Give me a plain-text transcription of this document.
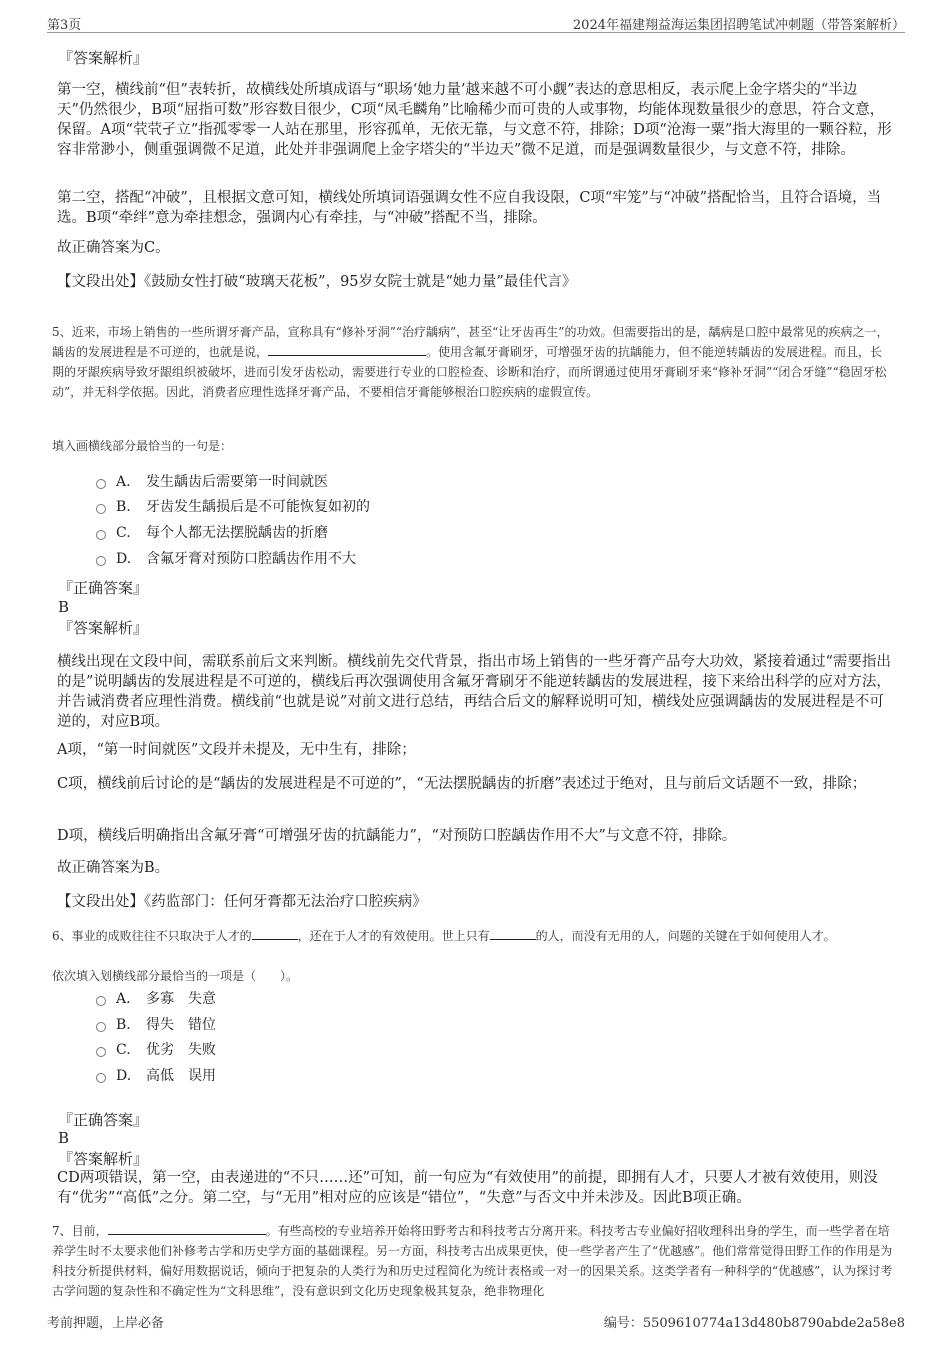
第3页	2024年福建翔益海运集团招聘笔试冲刺题（带答案解析）
『答案解析』
第一空，横线前“但”表转折，故横线处所填成语与“职场‘她力量’越来越不可小觑”表达的意思相反，表示爬上金字塔尖的“半边天”仍然很少，B项“屈指可数”形容数目很少，C项“凤毛麟角”比喻稀少而可贵的人或事物，均能体现数量很少的意思，符合文意，保留。A项“茕茕孑立”指孤零零一人站在那里，形容孤单，无依无靠，与文意不符，排除；D项“沧海一粟”指大海里的一颗谷粒，形容非常渺小，侧重强调微不足道，此处并非强调爬上金字塔尖的“半边天”微不足道，而是强调数量很少，与文意不符，排除。
第二空，搭配“冲破”，且根据文意可知，横线处所填词语强调女性不应自我设限，C项“牢笼”与“冲破”搭配恰当，且符合语境，当选。B项“牵绊”意为牵挂想念，强调内心有牵挂，与“冲破”搭配不当，排除。
故正确答案为C。
【文段出处】《鼓励女性打破“玻璃天花板”，95岁女院士就是“她力量”最佳代言》
5、近来，市场上销售的一些所谓牙膏产品，宣称具有“修补牙洞”“治疗龋病”，甚至“让牙齿再生”的功效。但需要指出的是，龋病是口腔中最常见的疾病之一，龋齿的发展进程是不可逆的，也就是说，	。使用含氟牙膏刷牙，可增强牙齿的抗龋能力，但不能逆转龋齿的发展进程。而且，长期的牙龈疾病导致牙龈组织被破坏，进而引发牙齿松动，需要进行专业的口腔检查、诊断和治疗，而所谓通过使用牙膏刷牙来“修补牙洞”“闭合牙缝”“稳固牙松动”，并无科学依据。因此，消费者应理性选择牙膏产品，不要相信牙膏能够根治口腔疾病的虚假宣传。
填入画横线部分最恰当的一句是：
A. 发生龋齿后需要第一时间就医
B. 牙齿发生龋损后是不可能恢复如初的
C. 每个人都无法摆脱龋齿的折磨
D. 含氟牙膏对预防口腔龋齿作用不大
『正确答案』
B
『答案解析』
横线出现在文段中间，需联系前后文来判断。横线前先交代背景，指出市场上销售的一些牙膏产品夸大功效，紧接着通过“需要指出的是”说明龋齿的发展进程是不可逆的，横线后再次强调使用含氟牙膏刷牙不能逆转龋齿的发展进程，接下来给出科学的应对方法，并告诫消费者应理性消费。横线前“也就是说”对前文进行总结，再结合后文的解释说明可知，横线处应强调龋齿的发展进程是不可逆的，对应B项。
A项，“第一时间就医”文段并未提及，无中生有，排除；
C项，横线前后讨论的是“龋齿的发展进程是不可逆的”，“无法摆脱龋齿的折磨”表述过于绝对，且与前后文话题不一致，排除；
D项，横线后明确指出含氟牙膏“可增强牙齿的抗龋能力”，“对预防口腔龋齿作用不大”与文意不符，排除。
故正确答案为B。
【文段出处】《药监部门：任何牙膏都无法治疗口腔疾病》
6、事业的成败往往不只取决于人才的	，还在于人才的有效使用。世上只有	的人，而没有无用的人，问题的关键在于如何使用人才。
依次填入划横线部分最恰当的一项是（　　）。
A. 多寡　失意
B. 得失　错位
C. 优劣　失败
D. 高低　误用
『正确答案』
B
『答案解析』
CD两项错误，第一空，由表递进的“不只……还”可知，前一句应为“有效使用”的前提，即拥有人才，只要人才被有效使用，则没有“优劣”“高低”之分。第二空，与“无用”相对应的应该是“错位”，“失意”与否文中并未涉及。因此B项正确。
7、目前，	。有些高校的专业培养开始将田野考古和科技考古分离开来。科技考古专业偏好招收理科出身的学生，而一些学者在培养学生时不太要求他们补修考古学和历史学方面的基础课程。另一方面，科技考古出成果更快，使一些学者产生了“优越感”。他们常常觉得田野工作的作用是为科技分析提供材料，偏好用数据说话，倾向于把复杂的人类行为和历史过程简化为统计表格或一对一的因果关系。这类学者有一种科学的“优越感”，认为探讨考古学问题的复杂性和不确定性为“文科思维”，没有意识到文化历史现象极其复杂，绝非物理化
考前押题，上岸必备	编号：5509610774a13d480b8790abde2a58e8
